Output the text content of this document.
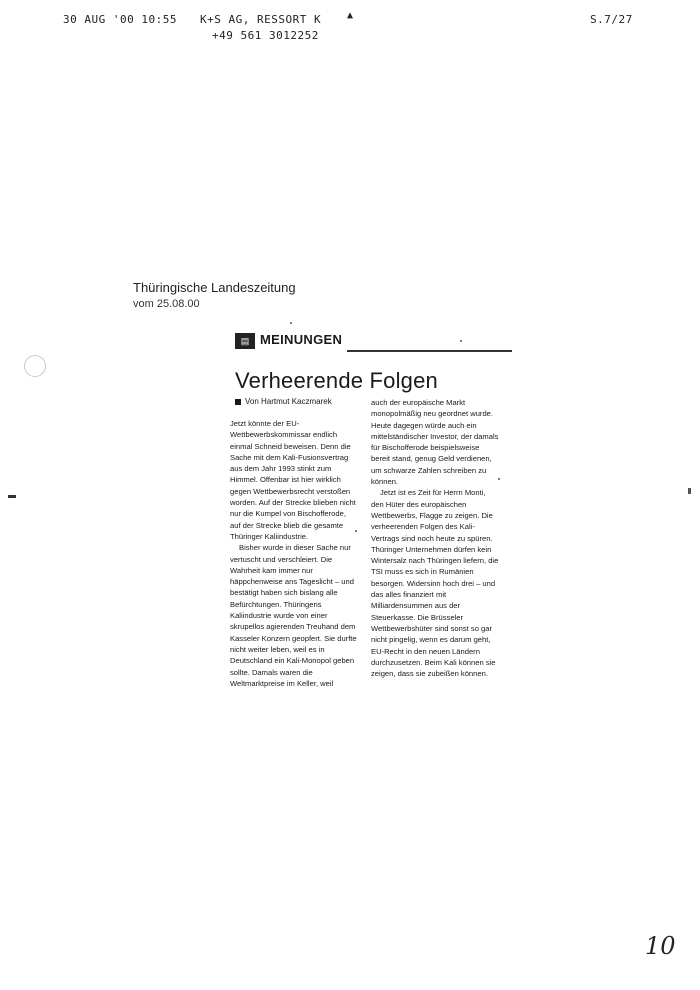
30 AUG '00 10:55 K+S AG, RESSORT K
+49 561 3012252
▲	S.7/27
Thüringische Landeszeitung
vom 25.08.00
▤ MEINUNGEN
Verheerende Folgen
Von Hartmut Kaczmarek

Jetzt könnte der EU-Wettbewerbskommissar endlich einmal Schneid beweisen. Denn die Sache mit dem Kali-Fusionsvertrag aus dem Jahr 1993 stinkt zum Himmel. Offenbar ist hier wirklich gegen Wettbewerbsrecht verstoßen worden. Auf der Strecke blieben nicht nur die Kumpel von Bischofferode, auf der Strecke blieb die gesamte Thüringer Kaliindustrie.

Bisher wurde in dieser Sache nur vertuscht und verschleiert. Die Wahrheit kam immer nur häppchenweise ans Tageslicht – und bestätigt haben sich bislang alle Befürchtungen. Thüringens Kaliindustrie wurde von einer skrupellos agierenden Treuhand dem Kasseler Konzern geopfert. Sie durfte nicht weiter leben, weil es in Deutschland ein Kali-Monopol geben sollte. Damals waren die Weltmarktpreise im Keller, weil

auch der europäische Markt monopolmäßig neu geordnet wurde. Heute dagegen würde auch ein mittelständischer Investor, der damals für Bischofferode beispielsweise bereit stand, genug Geld verdienen, um schwarze Zahlen schreiben zu können.

Jetzt ist es Zeit für Herrn Monti, den Hüter des europäischen Wettbewerbs, Flagge zu zeigen. Die verheerenden Folgen des Kali-Vertrags sind noch heute zu spüren. Thüringer Unternehmen dürfen kein Wintersalz nach Thüringen liefern, die TSI muss es sich in Rumänien besorgen. Widersinn hoch drei – und das alles finanziert mit Milliardensummen aus der Steuerkasse. Die Brüsseler Wettbewerbshüter sind sonst so gar nicht pingelig, wenn es darum geht, EU-Recht in den neuen Ländern durchzusetzen. Beim Kali können sie zeigen, dass sie zubeißen können.

10
